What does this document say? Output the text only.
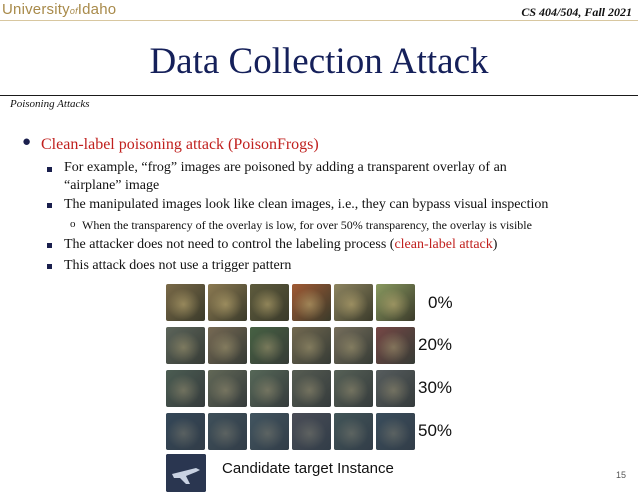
UniversityofIdaho	CS 404/504, Fall 2021
Data Collection Attack
Poisoning Attacks
● Clean-label poisoning attack (PoisonFrogs)
For example, “frog” images are poisoned by adding a transparent overlay of an
“airplane” image
The manipulated images look like clean images, i.e., they can bypass visual inspection
o When the transparency of the overlay is low, for over 50% transparency, the overlay is visible
The attacker does not need to control the labeling process (clean-label attack)
This attack does not use a trigger pattern
0%
20%
30%
50%
Candidate target Instance	15
